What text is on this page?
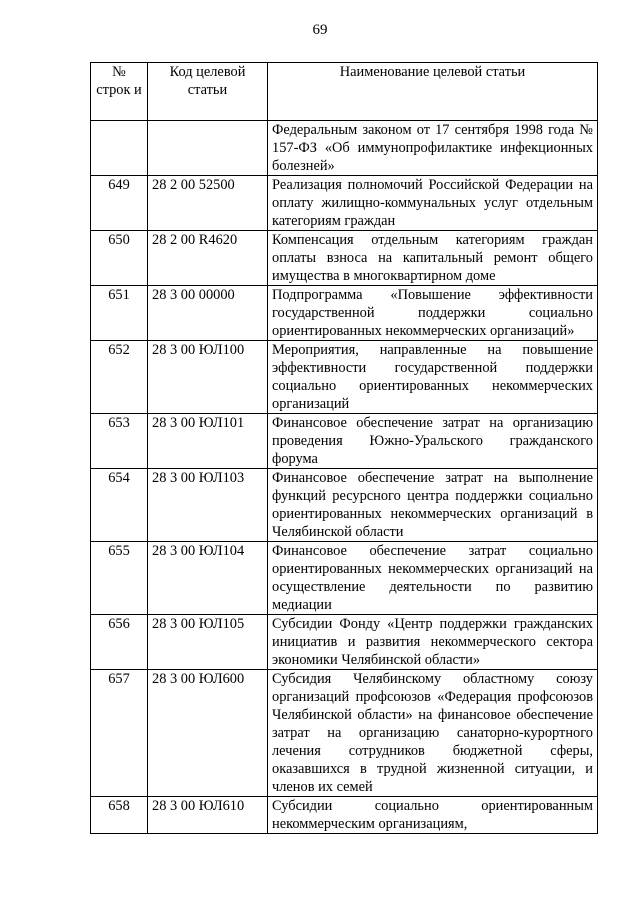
69
№ строк и	Код целевой статьи	Наименование целевой статьи
		Федеральным законом от 17 сентября 1998 года № 157-ФЗ «Об иммунопрофилактике инфекционных болезней»
649	28 2 00 52500	Реализация полномочий Российской Федерации на оплату жилищно-коммунальных услуг отдельным категориям граждан
650	28 2 00 R4620	Компенсация отдельным категориям граждан оплаты взноса на капитальный ремонт общего имущества в многоквартирном доме
651	28 3 00 00000	Подпрограмма «Повышение эффективности государственной поддержки социально ориентированных некоммерческих организаций»
652	28 3 00 ЮЛ100	Мероприятия, направленные на повышение эффективности государственной поддержки социально ориентированных некоммерческих организаций
653	28 3 00 ЮЛ101	Финансовое обеспечение затрат на организацию проведения Южно-Уральского гражданского форума
654	28 3 00 ЮЛ103	Финансовое обеспечение затрат на выполнение функций ресурсного центра поддержки социально ориентированных некоммерческих организаций в Челябинской области
655	28 3 00 ЮЛ104	Финансовое обеспечение затрат социально ориентированных некоммерческих организаций на осуществление деятельности по развитию медиации
656	28 3 00 ЮЛ105	Субсидии Фонду «Центр поддержки гражданских инициатив и развития некоммерческого сектора экономики Челябинской области»
657	28 3 00 ЮЛ600	Субсидия Челябинскому областному союзу организаций профсоюзов «Федерация профсоюзов Челябинской области» на финансовое обеспечение затрат на организацию санаторно-курортного лечения сотрудников бюджетной сферы, оказавшихся в трудной жизненной ситуации, и членов их семей
658	28 3 00 ЮЛ610	Субсидии социально ориентированным некоммерческим организациям,
